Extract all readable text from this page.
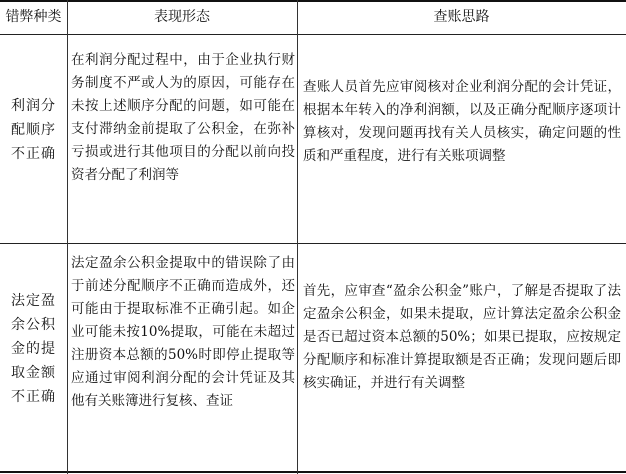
错弊种类	表现形态	查账思路
利润分
配顺序
不正确
在利润分配过程中，由于企业执行财务制度不严或人为的原因，可能存在未按上述顺序分配的问题，如可能在支付滞纳金前提取了公积金，在弥补亏损或进行其他项目的分配以前向投资者分配了利润等
查账人员首先应审阅核对企业利润分配的会计凭证，根据本年转入的净利润额，以及正确分配顺序逐项计算核对，发现问题再找有关人员核实，确定问题的性质和严重程度，进行有关账项调整
法定盈
余公积
金的提
取金额
不正确
法定盈余公积金提取中的错误除了由于前述分配顺序不正确而造成外，还可能由于提取标准不正确引起。如企业可能未按10%提取，可能在未超过注册资本总额的50%时即停止提取等应通过审阅利润分配的会计凭证及其他有关账簿进行复核、查证
首先，应审查“盈余公积金”账户，了解是否提取了法定盈余公积金，如果未提取，应计算法定盈余公积金是否已超过资本总额的50%；如果已提取，应按规定分配顺序和标准计算提取额是否正确；发现问题后即核实确证，并进行有关调整
